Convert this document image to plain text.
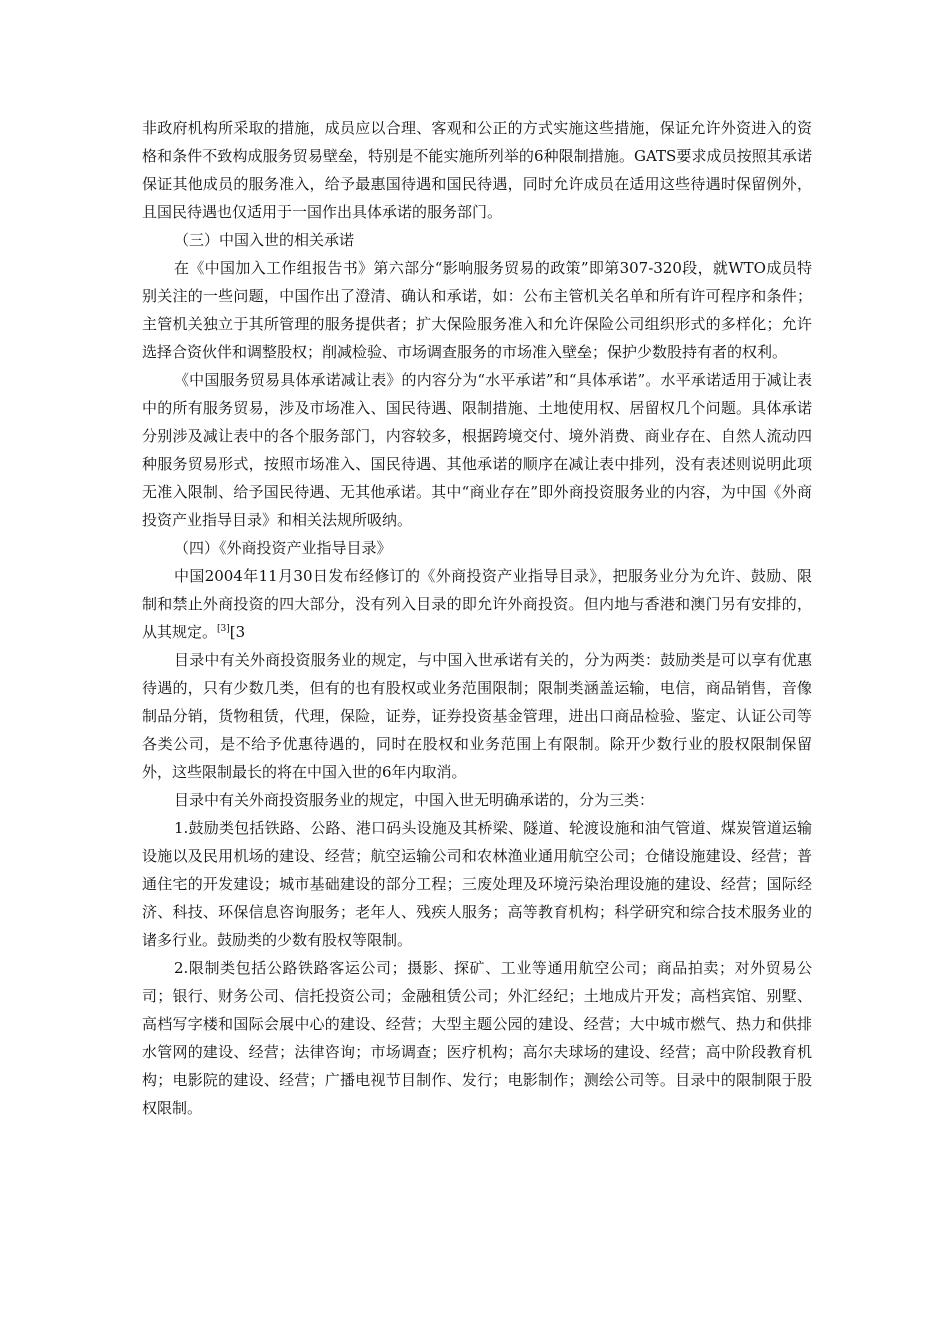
非政府机构所采取的措施，成员应以合理、客观和公正的方式实施这些措施，保证允许外资进入的资格和条件不致构成服务贸易壁垒，特别是不能实施所列举的6种限制措施。GATS要求成员按照其承诺保证其他成员的服务准入，给予最惠国待遇和国民待遇，同时允许成员在适用这些待遇时保留例外，且国民待遇也仅适用于一国作出具体承诺的服务部门。

（三）中国入世的相关承诺

在《中国加入工作组报告书》第六部分“影响服务贸易的政策”即第307-320段，就WTO成员特别关注的一些问题，中国作出了澄清、确认和承诺，如：公布主管机关名单和所有许可程序和条件；主管机关独立于其所管理的服务提供者；扩大保险服务准入和允许保险公司组织形式的多样化；允许选择合资伙伴和调整股权；削减检验、市场调查服务的市场准入壁垒；保护少数股持有者的权利。

《中国服务贸易具体承诺减让表》的内容分为“水平承诺”和“具体承诺”。水平承诺适用于减让表中的所有服务贸易，涉及市场准入、国民待遇、限制措施、土地使用权、居留权几个问题。具体承诺分别涉及减让表中的各个服务部门，内容较多，根据跨境交付、境外消费、商业存在、自然人流动四种服务贸易形式，按照市场准入、国民待遇、其他承诺的顺序在减让表中排列，没有表述则说明此项无准入限制、给予国民待遇、无其他承诺。其中“商业存在”即外商投资服务业的内容，为中国《外商投资产业指导目录》和相关法规所吸纳。

（四）《外商投资产业指导目录》

中国2004年11月30日发布经修订的《外商投资产业指导目录》，把服务业分为允许、鼓励、限制和禁止外商投资的四大部分，没有列入目录的即允许外商投资。但内地与香港和澳门另有安排的，从其规定。[3][3

目录中有关外商投资服务业的规定，与中国入世承诺有关的，分为两类：鼓励类是可以享有优惠待遇的，只有少数几类，但有的也有股权或业务范围限制；限制类涵盖运输，电信，商品销售，音像制品分销，货物租赁，代理，保险，证券，证券投资基金管理，进出口商品检验、鉴定、认证公司等各类公司，是不给予优惠待遇的，同时在股权和业务范围上有限制。除开少数行业的股权限制保留外，这些限制最长的将在中国入世的6年内取消。

目录中有关外商投资服务业的规定，中国入世无明确承诺的，分为三类：

1.鼓励类包括铁路、公路、港口码头设施及其桥梁、隧道、轮渡设施和油气管道、煤炭管道运输设施以及民用机场的建设、经营；航空运输公司和农林渔业通用航空公司；仓储设施建设、经营；普通住宅的开发建设；城市基础建设的部分工程；三废处理及环境污染治理设施的建设、经营；国际经济、科技、环保信息咨询服务；老年人、残疾人服务；高等教育机构；科学研究和综合技术服务业的诸多行业。鼓励类的少数有股权等限制。

2.限制类包括公路铁路客运公司；摄影、探矿、工业等通用航空公司；商品拍卖；对外贸易公司；银行、财务公司、信托投资公司；金融租赁公司；外汇经纪；土地成片开发；高档宾馆、别墅、高档写字楼和国际会展中心的建设、经营；大型主题公园的建设、经营；大中城市燃气、热力和供排水管网的建设、经营；法律咨询；市场调查；医疗机构；高尔夫球场的建设、经营；高中阶段教育机构；电影院的建设、经营；广播电视节目制作、发行；电影制作；测绘公司等。目录中的限制限于股权限制。
